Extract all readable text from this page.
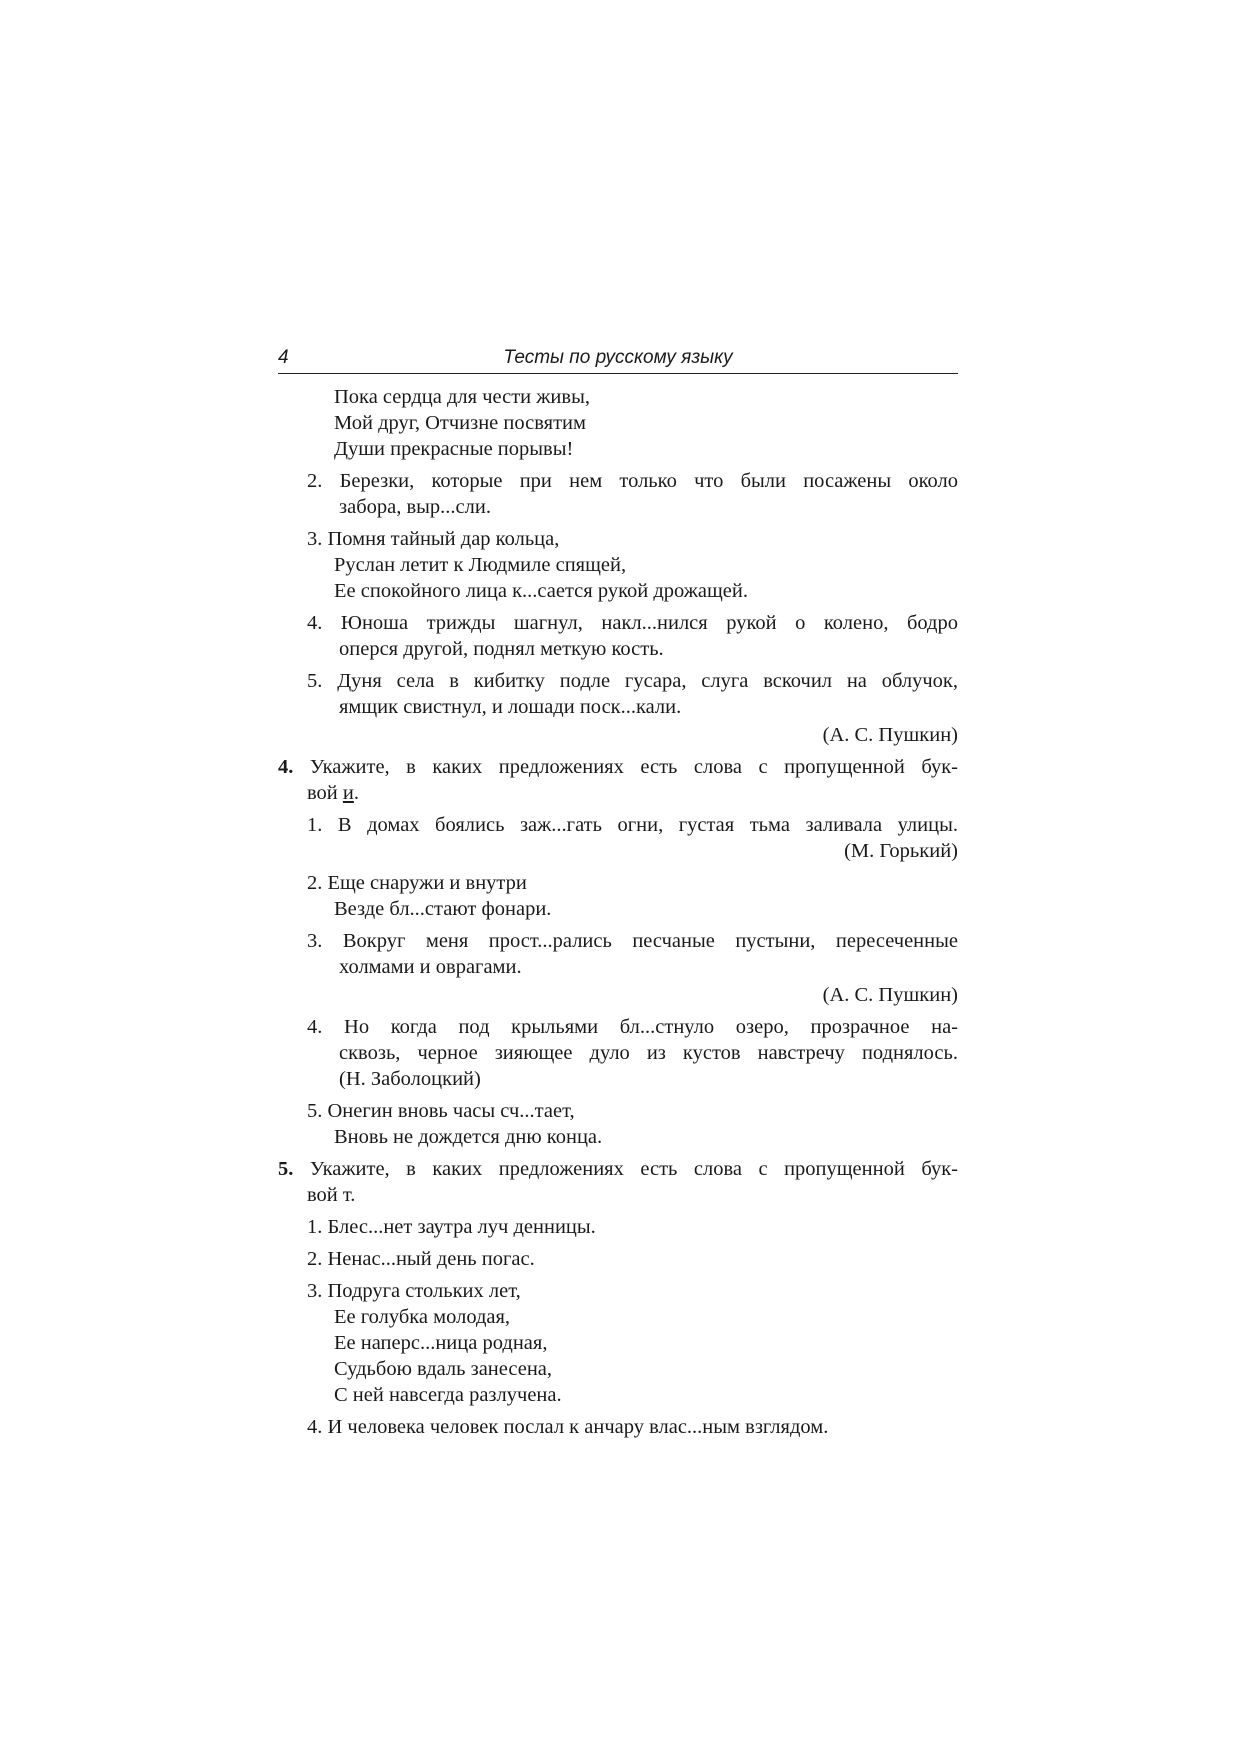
4	Тесты по русскому языку
Пока сердца для чести живы,
Мой друг, Отчизне посвятим
Души прекрасные порывы!
2. Березки, которые при нем только что были посажены около
забора, выр...сли.
3. Помня тайный дар кольца,
Руслан летит к Людмиле спящей,
Ее спокойного лица к...сается рукой дрожащей.
4. Юноша трижды шагнул, накл...нился рукой о колено, бодро
оперся другой, поднял меткую кость.
5. Дуня села в кибитку подле гусара, слуга вскочил на облучок,
ямщик свистнул, и лошади поск...кали.
(А. С. Пушкин)
4. Укажите, в каких предложениях есть слова с пропущенной бук-
вой и.
1. В домах боялись заж...гать огни, густая тьма заливала улицы.
(М. Горький)
2. Еще снаружи и внутри
Везде бл...стают фонари.
3. Вокруг меня прост...рались песчаные пустыни, пересеченные
холмами и оврагами.
(А. С. Пушкин)
4. Но когда под крыльями бл...стнуло озеро, прозрачное на-
сквозь, черное зияющее дуло из кустов навстречу поднялось.
(Н. Заболоцкий)
5. Онегин вновь часы сч...тает,
Вновь не дождется дню конца.
5. Укажите, в каких предложениях есть слова с пропущенной бук-
вой т.
1. Блес...нет заутра луч денницы.
2. Ненас...ный день погас.
3. Подруга стольких лет,
Ее голубка молодая,
Ее наперс...ница родная,
Судьбою вдаль занесена,
С ней навсегда разлучена.
4. И человека человек послал к анчару влас...ным взглядом.
